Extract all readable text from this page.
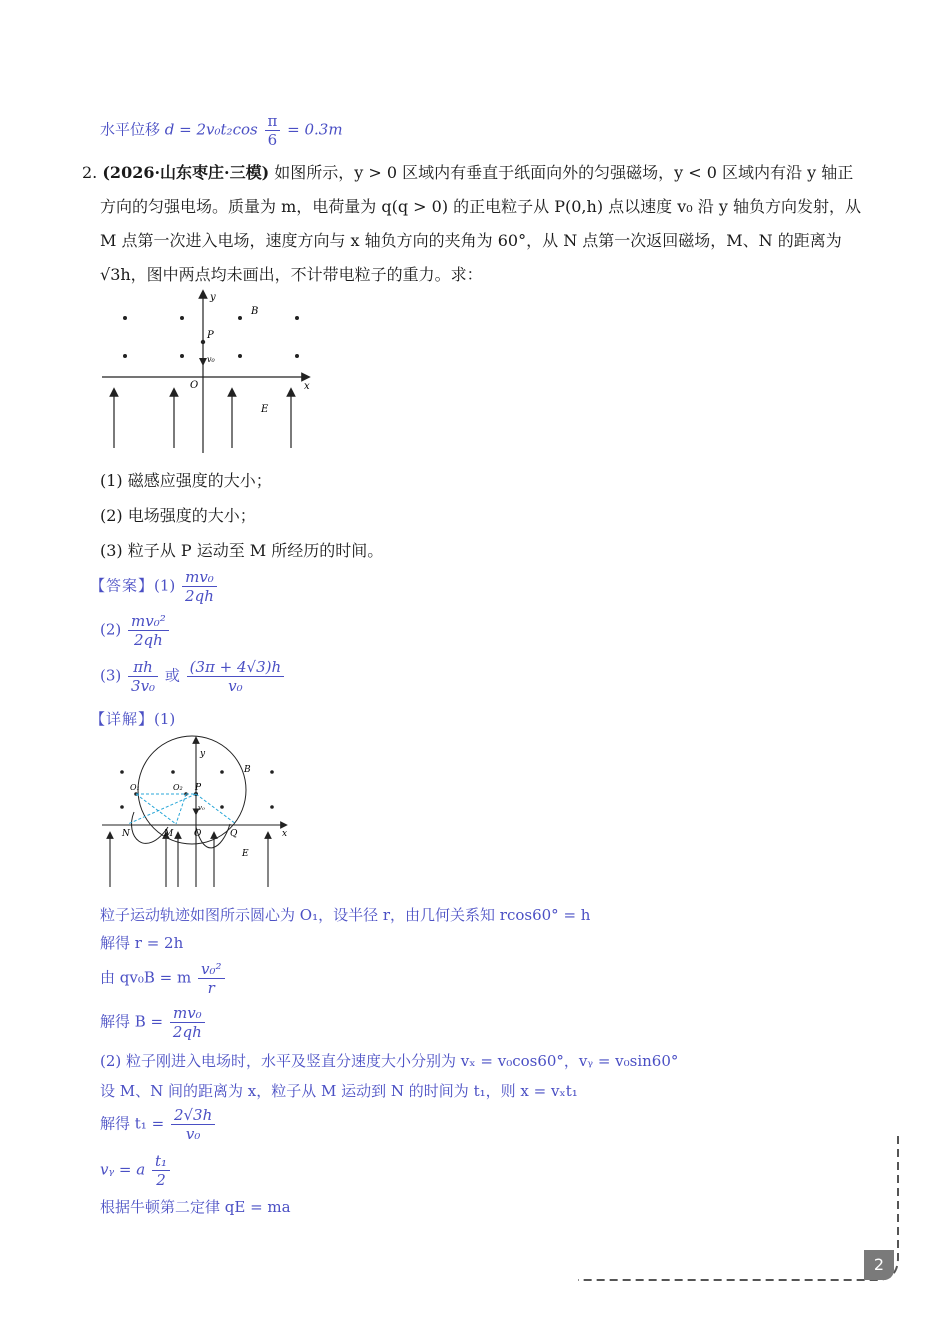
水平位移 $d = 2v_0t_2\cos \frac{\pi}{6} = 0.3m$
2. (2026·山东枣庄·三模) 如图所示，y > 0 区域内有垂直于纸面向外的匀强磁场，y < 0 区域内有沿 y 轴正
方向的匀强电场。质量为 m，电荷量为 q(q > 0) 的正电粒子从 P(0,h) 点以速度 v₀ 沿 y 轴负方向发射，从
M 点第一次进入电场，速度方向与 x 轴负方向的夹角为 60°，从 N 点第一次返回磁场，M、N 的距离为
√3h，图中两点均未画出，不计带电粒子的重力。求：
y
x
B
P
v₀
O
E
(1) 磁感应强度的大小；
(2) 电场强度的大小；
(3) 粒子从 P 运动至 M 所经历的时间。
【答案】$(1) \frac{\text{mv₀}}{2qh}$
$(2) \frac{\text{mv₀²}}{2qh}$
$(3) \frac{\pi h}{\text{3v₀}}$ 或 $\frac{(3\pi + 4√3)h}{\text{v₀}}$
【详解】(1)
y
x
B
E
O₁	O₂ P
v₀
N	M O	Q
粒子运动轨迹如图所示圆心为 O₁，设半径 r，由几何关系知 rcos60° = h
解得 r = 2h
由 qv₀B = m $\frac{\text{v₀²}}{r}$
解得 $B = \frac{\text{mv₀}}{2qh}$
(2) 粒子刚进入电场时，水平及竖直分速度大小分别为 vₓ = v₀cos60°，vᵧ = v₀sin60°
设 M、N 间的距离为 x，粒子从 M 运动到 N 的时间为 t₁，则 x = vₓt₁
解得 $t_1 = \frac{2√3h}{\text{v₀}}$
vᵧ = a $\frac{\text{t₁}}{2}$
根据牛顿第二定律 qE = ma
2
